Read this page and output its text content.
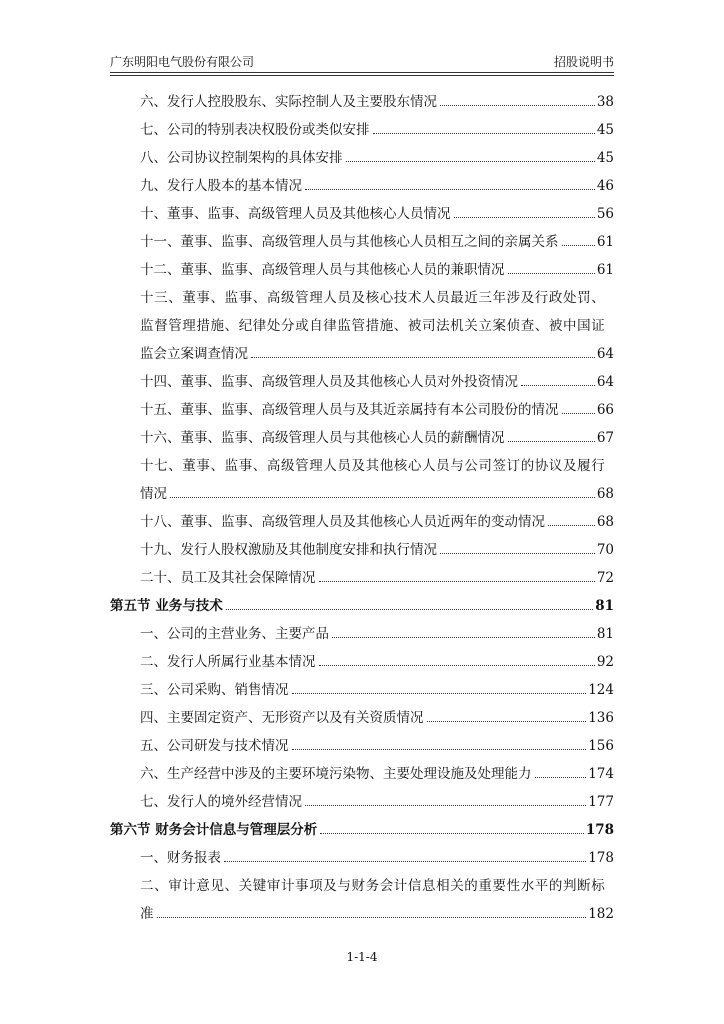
广东明阳电气股份有限公司	招股说明书
六、发行人控股股东、实际控制人及主要股东情况	38
七、公司的特别表决权股份或类似安排	45
八、公司协议控制架构的具体安排	45
九、发行人股本的基本情况	46
十、董事、监事、高级管理人员及其他核心人员情况	56
十一、董事、监事、高级管理人员与其他核心人员相互之间的亲属关系	61
十二、董事、监事、高级管理人员与其他核心人员的兼职情况	61
十三、董事、监事、高级管理人员及核心技术人员最近三年涉及行政处罚、
监督管理措施、纪律处分或自律监管措施、被司法机关立案侦查、被中国证
监会立案调查情况	64
十四、董事、监事、高级管理人员及其他核心人员对外投资情况	64
十五、董事、监事、高级管理人员与及其近亲属持有本公司股份的情况	66
十六、董事、监事、高级管理人员与其他核心人员的薪酬情况	67
十七、董事、监事、高级管理人员及其他核心人员与公司签订的协议及履行
情况	68
十八、董事、监事、高级管理人员及其他核心人员近两年的变动情况	68
十九、发行人股权激励及其他制度安排和执行情况	70
二十、员工及其社会保障情况	72
第五节 业务与技术	81
一、公司的主营业务、主要产品	81
二、发行人所属行业基本情况	92
三、公司采购、销售情况	124
四、主要固定资产、无形资产以及有关资质情况	136
五、公司研发与技术情况	156
六、生产经营中涉及的主要环境污染物、主要处理设施及处理能力	174
七、发行人的境外经营情况	177
第六节 财务会计信息与管理层分析	178
一、财务报表	178
二、审计意见、关键审计事项及与财务会计信息相关的重要性水平的判断标
准	182
1-1-4
